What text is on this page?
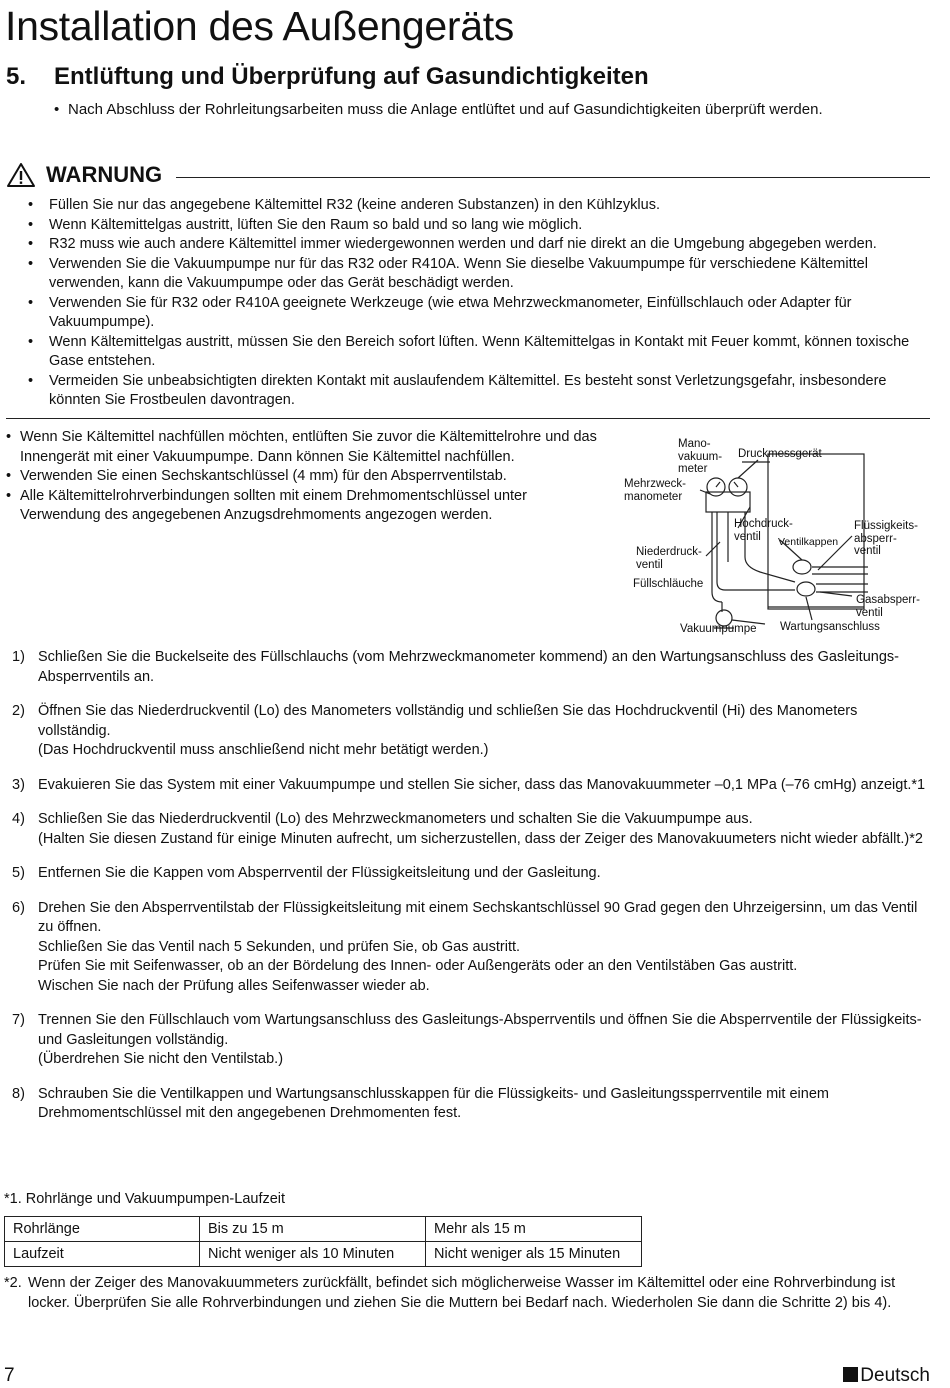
Installation des Außengeräts
5. Entlüftung und Überprüfung auf Gasundichtigkeiten
• Nach Abschluss der Rohrleitungsarbeiten muss die Anlage entlüftet und auf Gasundichtigkeiten überprüft werden.
WARNUNG
• Füllen Sie nur das angegebene Kältemittel R32 (keine anderen Substanzen) in den Kühlzyklus.
• Wenn Kältemittelgas austritt, lüften Sie den Raum so bald und so lang wie möglich.
• R32 muss wie auch andere Kältemittel immer wiedergewonnen werden und darf nie direkt an die Umgebung abgegeben werden.
• Verwenden Sie die Vakuumpumpe nur für das R32 oder R410A. Wenn Sie dieselbe Vakuumpumpe für verschiedene Kältemittel verwenden, kann die Vakuumpumpe oder das Gerät beschädigt werden.
• Verwenden Sie für R32 oder R410A geeignete Werkzeuge (wie etwa Mehrzweckmanometer, Einfüllschlauch oder Adapter für Vakuumpumpe).
• Wenn Kältemittelgas austritt, müssen Sie den Bereich sofort lüften. Wenn Kältemittelgas in Kontakt mit Feuer kommt, können toxische Gase entstehen.
• Vermeiden Sie unbeabsichtigten direkten Kontakt mit auslaufendem Kältemittel. Es besteht sonst Verletzungsgefahr, insbesondere könnten Sie Frostbeulen davontragen.
• Wenn Sie Kältemittel nachfüllen möchten, entlüften Sie zuvor die Kältemittelrohre und das Innengerät mit einer Vakuumpumpe. Dann können Sie Kältemittel nachfüllen.
• Verwenden Sie einen Sechskantschlüssel (4 mm) für den Absperrventilstab.
• Alle Kältemittelrohrverbindungen sollten mit einem Drehmomentschlüssel unter Verwendung des angegebenen Anzugsdrehmoments angezogen werden.
Mano-
vakuum-
meter
Druckmessgerät
Mehrzweck-
manometer
Hochdruck-
ventil	Ventilkappen
Flüssigkeits-
absperr-
ventil
Niederdruck-
ventil
Füllschläuche
Gasabsperr-
ventil
Vakuumpumpe Wartungsanschluss
1) Schließen Sie die Buckelseite des Füllschlauchs (vom Mehrzweckmanometer kommend) an den Wartungsanschluss des Gasleitungs-Absperrventils an.
2) Öffnen Sie das Niederdruckventil (Lo) des Manometers vollständig und schließen Sie das Hochdruckventil (Hi) des Manometers vollständig.
(Das Hochdruckventil muss anschließend nicht mehr betätigt werden.)
3) Evakuieren Sie das System mit einer Vakuumpumpe und stellen Sie sicher, dass das Manovakuummeter –0,1 MPa (–76 cmHg) anzeigt.*1
4) Schließen Sie das Niederdruckventil (Lo) des Mehrzweckmanometers und schalten Sie die Vakuumpumpe aus.
(Halten Sie diesen Zustand für einige Minuten aufrecht, um sicherzustellen, dass der Zeiger des Manovakuumeters nicht wieder abfällt.)*2
5) Entfernen Sie die Kappen vom Absperrventil der Flüssigkeitsleitung und der Gasleitung.
6) Drehen Sie den Absperrventilstab der Flüssigkeitsleitung mit einem Sechskantschlüssel 90 Grad gegen den Uhrzeigersinn, um das Ventil zu öffnen.
Schließen Sie das Ventil nach 5 Sekunden, und prüfen Sie, ob Gas austritt.
Prüfen Sie mit Seifenwasser, ob an der Bördelung des Innen- oder Außengeräts oder an den Ventilstäben Gas austritt.
Wischen Sie nach der Prüfung alles Seifenwasser wieder ab.
7) Trennen Sie den Füllschlauch vom Wartungsanschluss des Gasleitungs-Absperrventils und öffnen Sie die Absperrventile der Flüssigkeits- und Gasleitungen vollständig.
(Überdrehen Sie nicht den Ventilstab.)
8) Schrauben Sie die Ventilkappen und Wartungsanschlusskappen für die Flüssigkeits- und Gasleitungssperrventile mit einem Drehmomentschlüssel mit den angegebenen Drehmomenten fest.
*1. Rohrlänge und Vakuumpumpen-Laufzeit
Rohrlänge	Bis zu 15 m	Mehr als 15 m
Laufzeit	Nicht weniger als 10 Minuten	Nicht weniger als 15 Minuten
*2. Wenn der Zeiger des Manovakuummeters zurückfällt, befindet sich möglicherweise Wasser im Kältemittel oder eine Rohrverbindung ist locker. Überprüfen Sie alle Rohrverbindungen und ziehen Sie die Muttern bei Bedarf nach. Wiederholen Sie dann die Schritte 2) bis 4).
7	Deutsch
